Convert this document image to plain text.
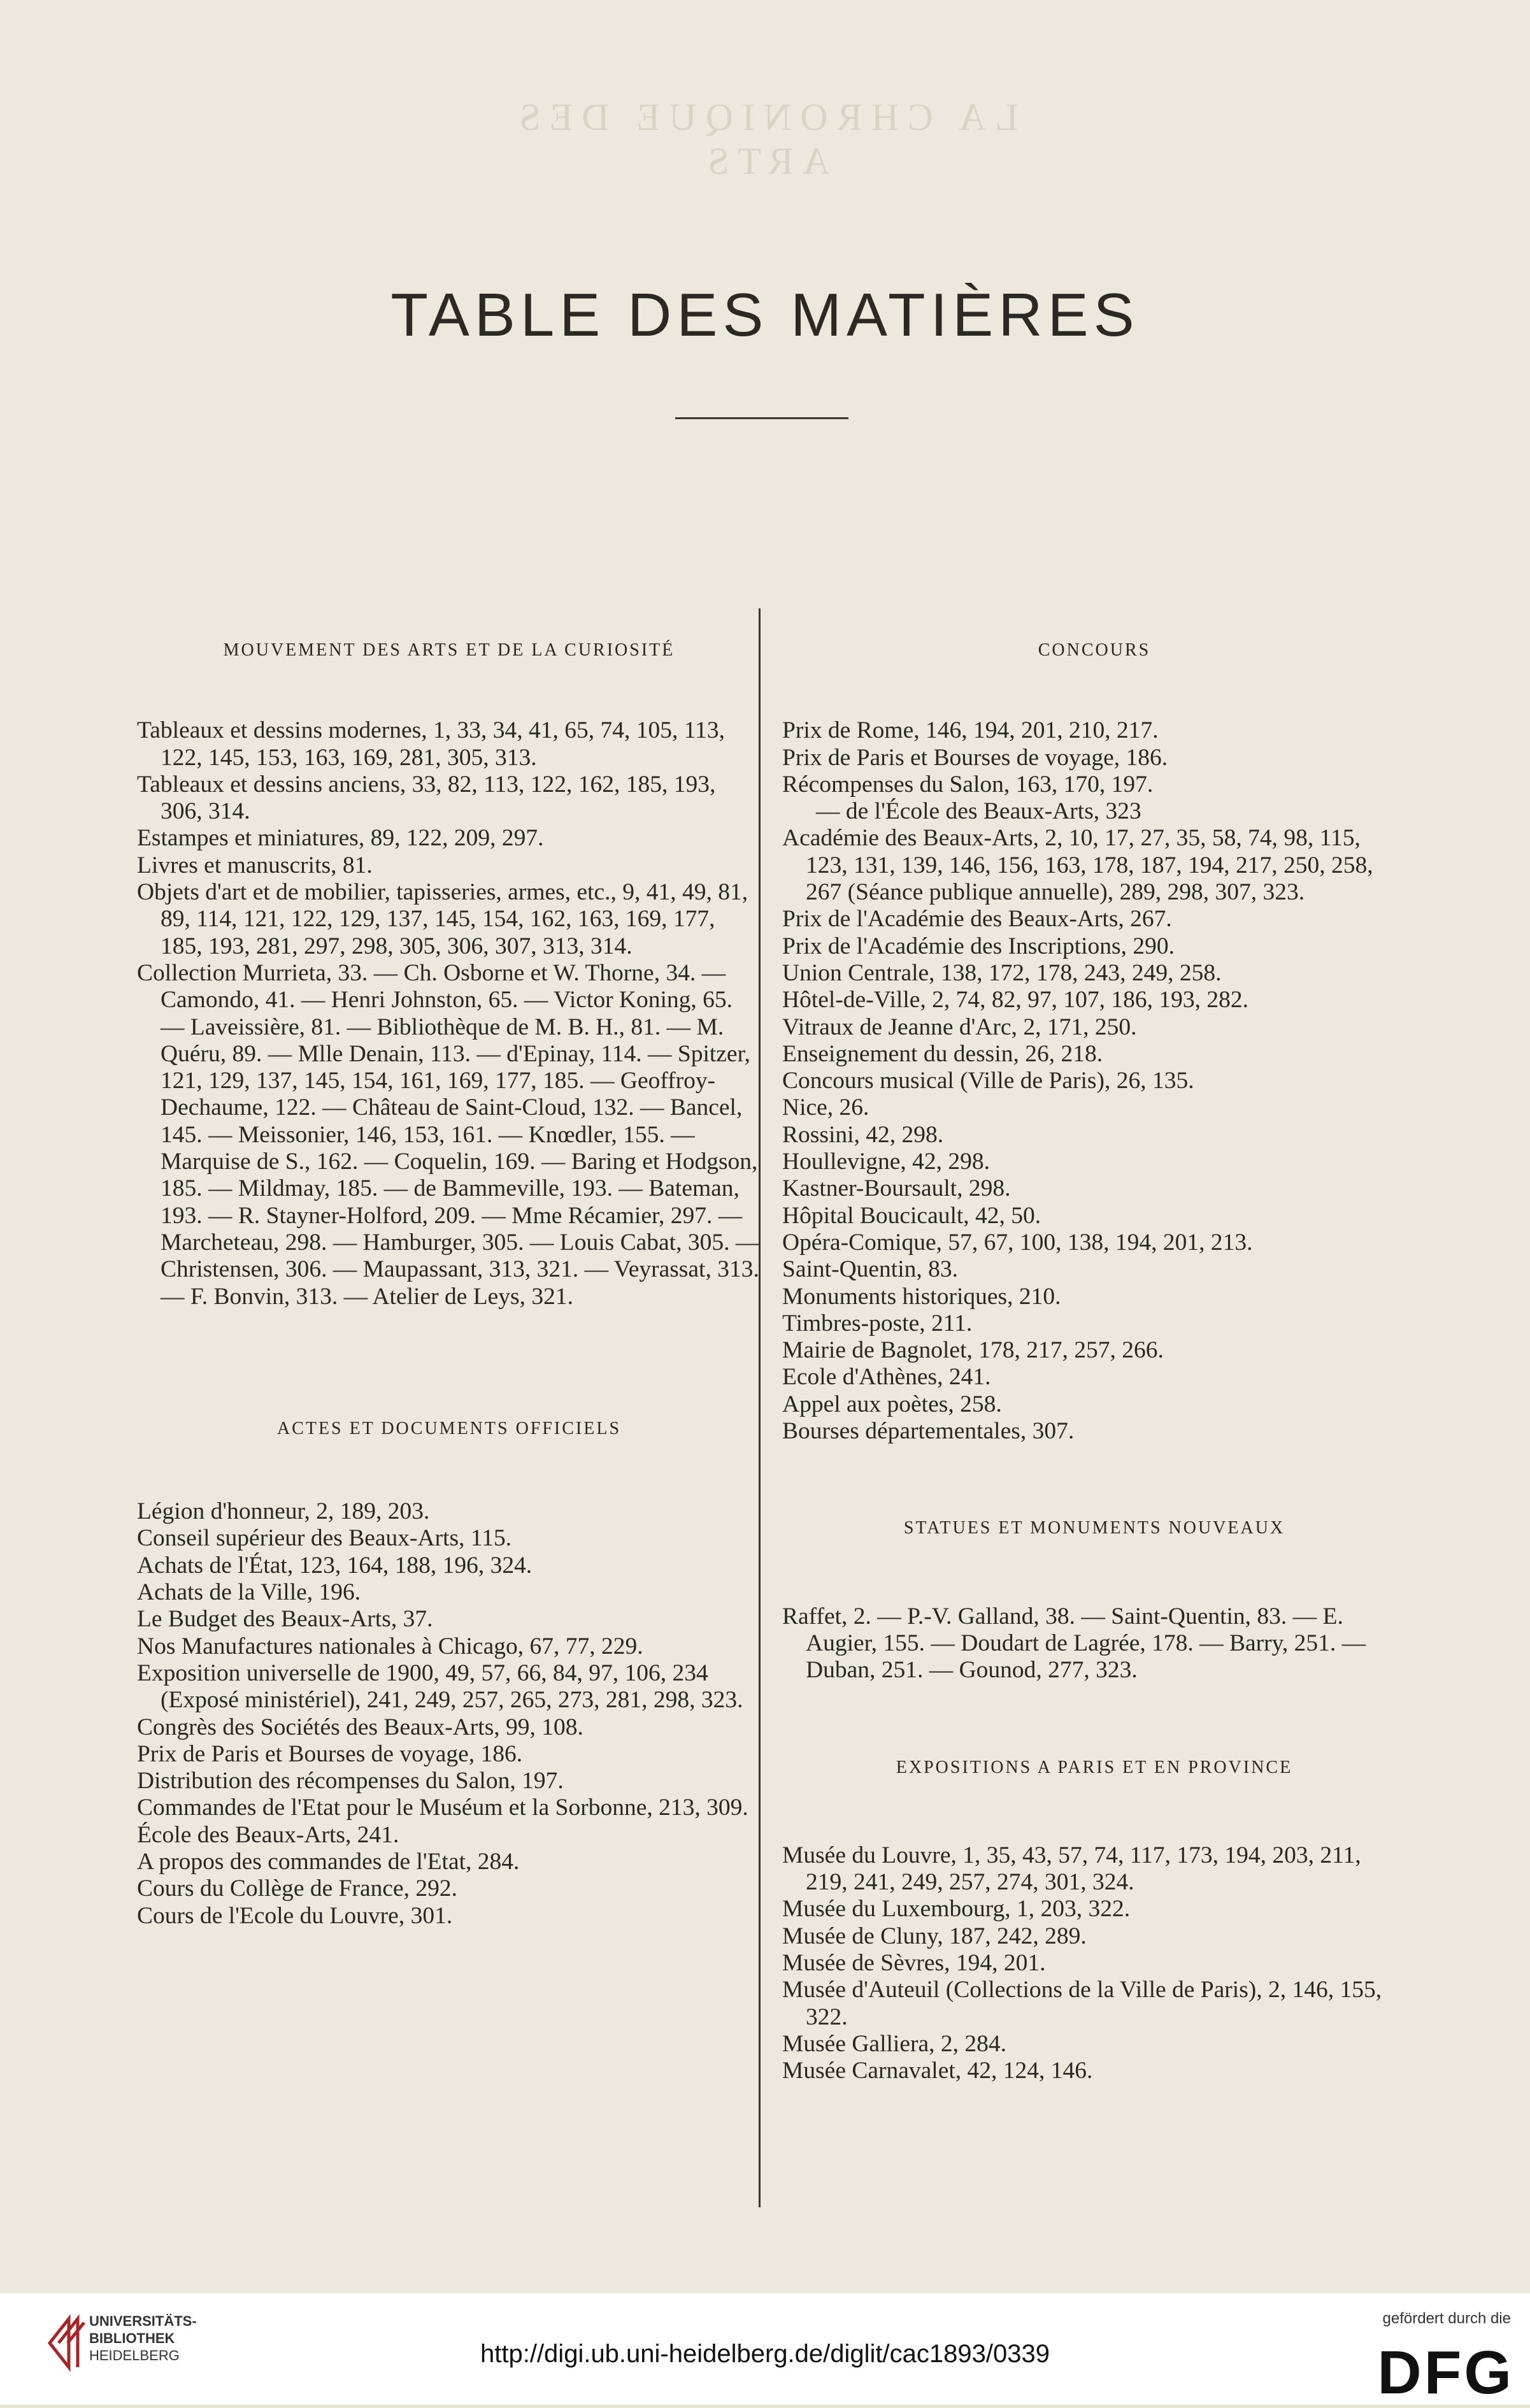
LA CHRONIQUE DES ARTS
TABLE DES MATIÈRES
MOUVEMENT DES ARTS ET DE LA CURIOSITÉ
Tableaux et dessins modernes, 1, 33, 34, 41, 65, 74, 105, 113, 122, 145, 153, 163, 169, 281, 305, 313.
Tableaux et dessins anciens, 33, 82, 113, 122, 162, 185, 193, 306, 314.
Estampes et miniatures, 89, 122, 209, 297.
Livres et manuscrits, 81.
Objets d'art et de mobilier, tapisseries, armes, etc., 9, 41, 49, 81, 89, 114, 121, 122, 129, 137, 145, 154, 162, 163, 169, 177, 185, 193, 281, 297, 298, 305, 306, 307, 313, 314.
Collection Murrieta, 33. — Ch. Osborne et W. Thorne, 34. — Camondo, 41. — Henri Johnston, 65. — Victor Koning, 65. — Laveissière, 81. — Bibliothèque de M. B. H., 81. — M. Quéru, 89. — Mlle Denain, 113. — d'Epinay, 114. — Spitzer, 121, 129, 137, 145, 154, 161, 169, 177, 185. — Geoffroy-Dechaume, 122. — Château de Saint-Cloud, 132. — Bancel, 145. — Meissonier, 146, 153, 161. — Knœdler, 155. — Marquise de S., 162. — Coquelin, 169. — Baring et Hodgson, 185. — Mildmay, 185. — de Bammeville, 193. — Bateman, 193. — R. Stayner-Holford, 209. — Mme Récamier, 297. — Marcheteau, 298. — Hamburger, 305. — Louis Cabat, 305. — Christensen, 306. — Maupassant, 313, 321. — Veyrassat, 313. — F. Bonvin, 313. — Atelier de Leys, 321.
ACTES ET DOCUMENTS OFFICIELS
Légion d'honneur, 2, 189, 203.
Conseil supérieur des Beaux-Arts, 115.
Achats de l'État, 123, 164, 188, 196, 324.
Achats de la Ville, 196.
Le Budget des Beaux-Arts, 37.
Nos Manufactures nationales à Chicago, 67, 77, 229.
Exposition universelle de 1900, 49, 57, 66, 84, 97, 106, 234 (Exposé ministériel), 241, 249, 257, 265, 273, 281, 298, 323.
Congrès des Sociétés des Beaux-Arts, 99, 108.
Prix de Paris et Bourses de voyage, 186.
Distribution des récompenses du Salon, 197.
Commandes de l'Etat pour le Muséum et la Sorbonne, 213, 309.
École des Beaux-Arts, 241.
A propos des commandes de l'Etat, 284.
Cours du Collège de France, 292.
Cours de l'Ecole du Louvre, 301.
CONCOURS
Prix de Rome, 146, 194, 201, 210, 217.
Prix de Paris et Bourses de voyage, 186.
Récompenses du Salon, 163, 170, 197.
— de l'École des Beaux-Arts, 323
Académie des Beaux-Arts, 2, 10, 17, 27, 35, 58, 74, 98, 115, 123, 131, 139, 146, 156, 163, 178, 187, 194, 217, 250, 258, 267 (Séance publique annuelle), 289, 298, 307, 323.
Prix de l'Académie des Beaux-Arts, 267.
Prix de l'Académie des Inscriptions, 290.
Union Centrale, 138, 172, 178, 243, 249, 258.
Hôtel-de-Ville, 2, 74, 82, 97, 107, 186, 193, 282.
Vitraux de Jeanne d'Arc, 2, 171, 250.
Enseignement du dessin, 26, 218.
Concours musical (Ville de Paris), 26, 135.
Nice, 26.
Rossini, 42, 298.
Houllevigne, 42, 298.
Kastner-Boursault, 298.
Hôpital Boucicault, 42, 50.
Opéra-Comique, 57, 67, 100, 138, 194, 201, 213.
Saint-Quentin, 83.
Monuments historiques, 210.
Timbres-poste, 211.
Mairie de Bagnolet, 178, 217, 257, 266.
Ecole d'Athènes, 241.
Appel aux poètes, 258.
Bourses départementales, 307.
STATUES ET MONUMENTS NOUVEAUX
Raffet, 2. — P.-V. Galland, 38. — Saint-Quentin, 83. — E. Augier, 155. — Doudart de Lagrée, 178. — Barry, 251. — Duban, 251. — Gounod, 277, 323.
EXPOSITIONS A PARIS ET EN PROVINCE
Musée du Louvre, 1, 35, 43, 57, 74, 117, 173, 194, 203, 211, 219, 241, 249, 257, 274, 301, 324.
Musée du Luxembourg, 1, 203, 322.
Musée de Cluny, 187, 242, 289.
Musée de Sèvres, 194, 201.
Musée d'Auteuil (Collections de la Ville de Paris), 2, 146, 155, 322.
Musée Galliera, 2, 284.
Musée Carnavalet, 42, 124, 146.
UNIVERSITÄTS-
BIBLIOTHEK
HEIDELBERG	http://digi.ub.uni-heidelberg.de/diglit/cac1893/0339
gefördert durch die
DFG
